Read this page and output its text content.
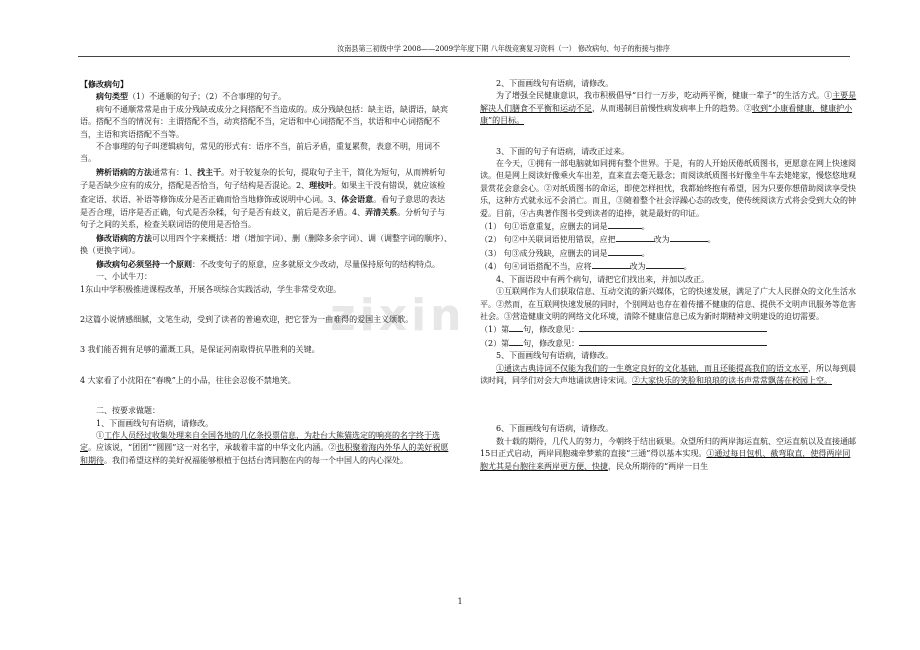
汝南县第三初级中学 2008——2009学年度下期 八年级竞赛复习资料（一） 修改病句、句子的衔接与排序
zixin

【修改病句】

病句类型（1）不通顺的句子；（2）不合事理的句子。

病句不通顺常常是由于成分残缺或成分之间搭配不当造成的。成分残缺包括：缺主语，缺谓语，缺宾语。搭配不当的情况有：主谓搭配不当，动宾搭配不当，定语和中心词搭配不当，状语和中心词搭配不当，主语和宾语搭配不当等。

不合事理的句子叫逻辑病句，常见的形式有：语序不当，前后矛盾，重复累赘，表意不明，用词不当。

辨析语病的方法通常有：1、找主干。对于较复杂的长句，提取句子主干，简化为短句，从而辨析句子是否缺少应有的成分，搭配是否恰当，句子结构是否混论。2、理枝叶。如果主干没有错误，就应该检查定语、状语、补语等修饰成分是否正确而恰当地修饰或说明中心词。3、体会语意。看句子意思的表达是否合理，语序是否正确，句式是否杂糅，句子是否有歧义，前后是否矛盾。4、弄清关系。分析句子与句子之间的关系，检查关联词语的使用是否恰当。

修改语病的方法可以用四个字来概括：增（增加字词）、删（删除多余字词）、调（调整字词的顺序）、换（更换字词）。

修改病句必须坚持一个原则：不改变句子的原意，应多就原文少改动，尽量保持原句的结构特点。

一、小试牛刀：

1东山中学积极推进课程改革，开展各项综合实践活动，学生非常受欢迎。

2这篇小说情感细腻，文笔生动，受到了读者的普遍欢迎，把它誉为一曲难得的爱国主义颂歌。

3 我们能否拥有足够的灌溉工具，是保证河南取得抗旱胜利的关键。

4 大家看了小沈阳在“春晚”上的小品，往往会忍俊不禁地笑。

二、按要求做题：

1、下面画线句有语病，请修改。

①工作人员经过收集处理来自全国各地的几亿条投票信息，为赴台大熊猫选定的响亮的名字终于选定。应该说，“团团”“圆圆”这一对名字，承载着丰富的中华文化内涵。②也积聚着海内外华人的美好祝愿和期待。我们希望这样的美好祝福能够根植于包括台湾同胞在内的每一个中国人的内心深处。

2、下面画线句有语病，请修改。

为了增强全民健康意识，我市积极倡导“日行一万步，吃动两平衡，健康一辈子”的生活方式。①主要是解决人们膳食不平衡和运动不足，从而遏制目前慢性病发病率上升的趋势。②收到“小康看健康，健康护小康”的目标。

3、下面的句子有语病，请改正过来。

在今天，①拥有一部电脑就如同拥有整个世界。于是，有的人开始厌倦纸质图书，更愿意在网上快速阅读。但是网上阅读好像乘火车出差，直来直去毫无悬念；而阅读纸质图书好像坐牛车去姥姥家，慢悠悠地观景赏花会意会心。②对纸质图书的命运，即使怎样担忧，我都始终抱有希望，因为只要你想借助阅读享受快乐，这种方式就永远不会消亡。而且，③随着整个社会浮躁心态的改变，使传统阅读方式将会受到大众的钟爱。目前，④古典著作图书受到读者的追捧，就是最好的印证。

（1） 句①语意重复，应删去的词是	。

（2） 句②中关联词语使用错误，应把	改为	。

（3） 句③成分残缺，应删去的词是	。

（4） 句④词语搭配不当，应将	改为	。

4、下面语段中有两个病句，请把它们找出来，并加以改正。

①互联网作为人们获取信息、互动交流的新兴媒体，它的快速发展，满足了广大人民群众的文化生活水平。②然而，在互联网快速发展的同时，个别网站也存在着传播不健康的信息、提供不文明声讯服务等危害社会。③营造健康文明的网络文化环境，清除不健康信息已成为新时期精神文明建设的迫切需要。

（1）第 句，修改意见：

（2）第 句，修改意见：

5、下面画线句有语病，请修改。

①通读古典诗词不仅能为我们的一生奠定良好的文化基础，而且还能提高我们的语文水平，所以每到晨读时间，同学们对会大声地诵读唐诗宋词。②大家快乐的笑脸和琅琅的读书声常常飘荡在校园上空。

6、下面画线句有语病，请修改。

数十载的期待，几代人的努力，今朝终于结出硕果。众望所归的两岸海运直航、空运直航以及直接通邮15日正式启动，两岸同胞魂牵梦萦的直接“三通”得以基本实现。①通过每日包机、截弯取直，使得两岸同胞尤其是台胞往来两岸更方便、快捷，民众所期待的“两岸一日生

1
